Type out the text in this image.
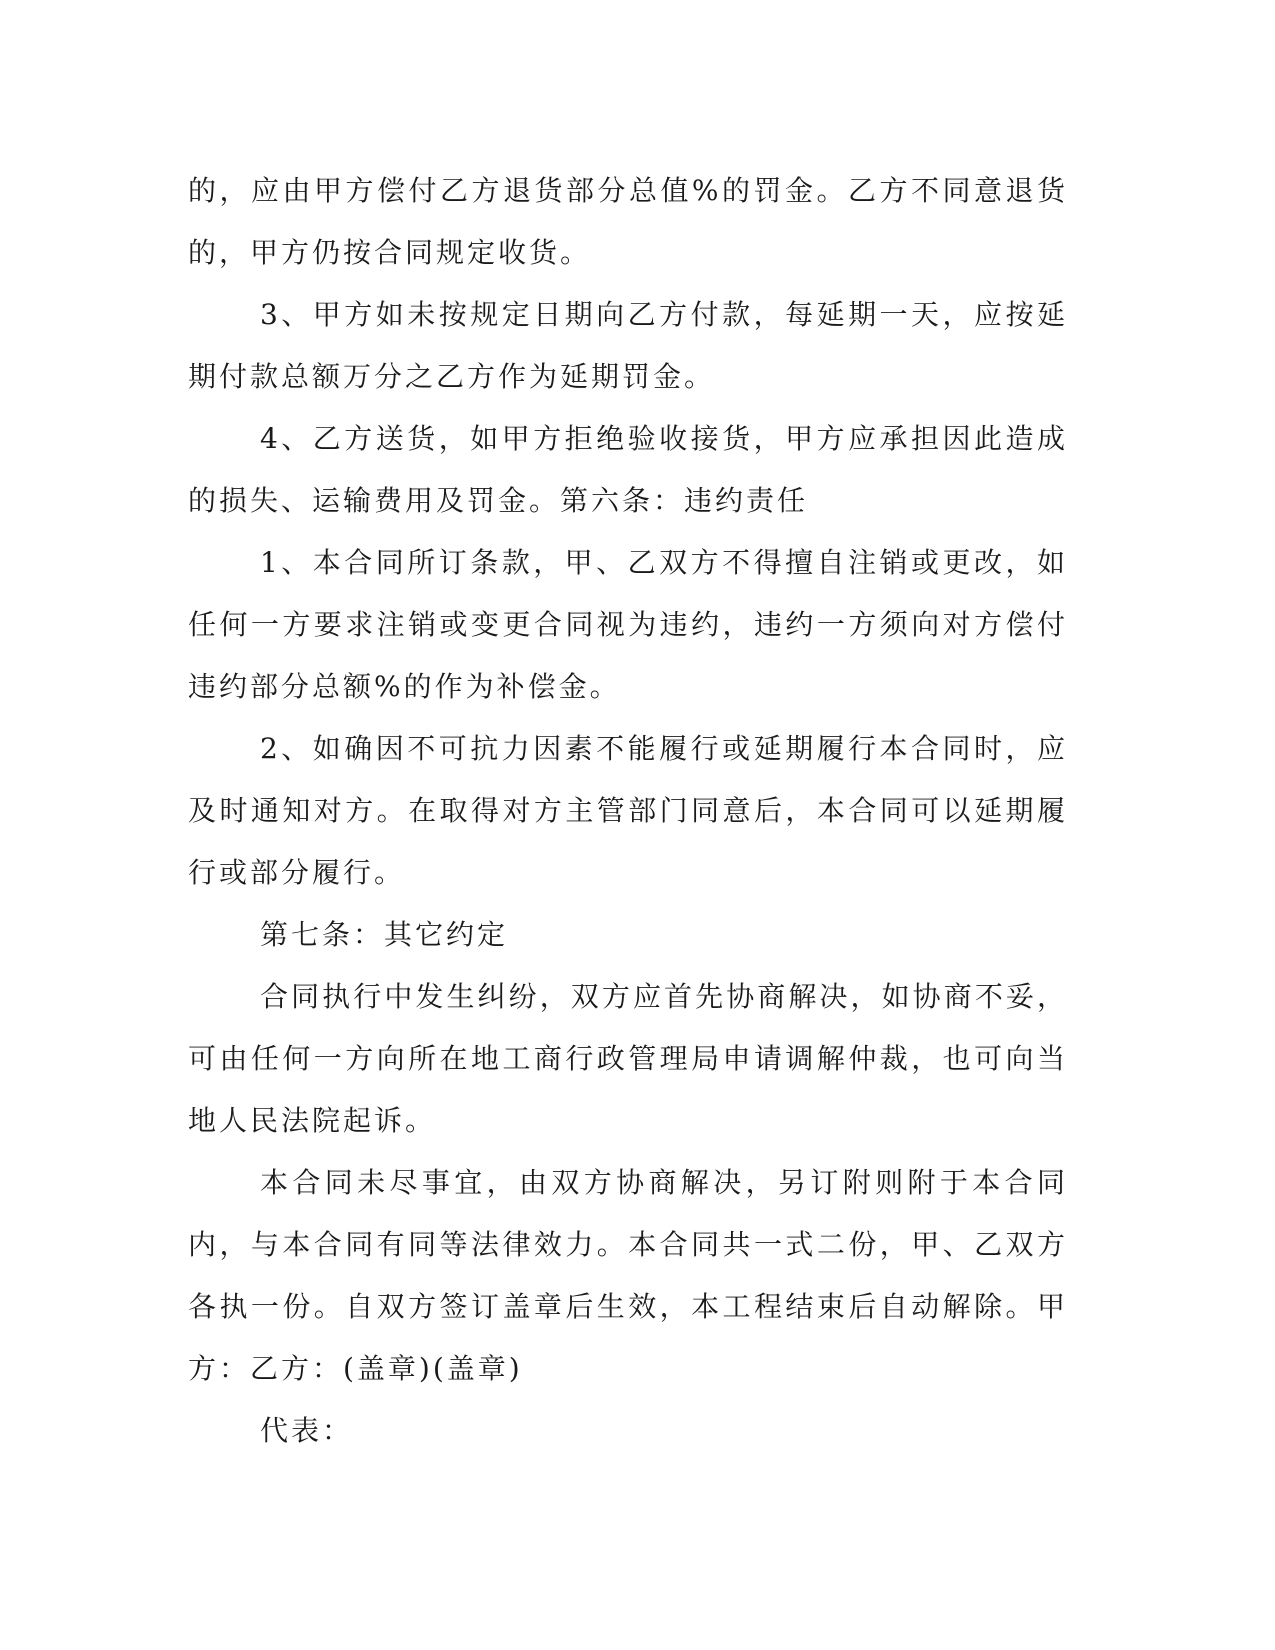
的，应由甲方偿付乙方退货部分总值%的罚金。乙方不同意退货的，甲方仍按合同规定收货。

3、甲方如未按规定日期向乙方付款，每延期一天，应按延期付款总额万分之乙方作为延期罚金。

4、乙方送货，如甲方拒绝验收接货，甲方应承担因此造成的损失、运输费用及罚金。第六条：违约责任

1、本合同所订条款，甲、乙双方不得擅自注销或更改，如任何一方要求注销或变更合同视为违约，违约一方须向对方偿付违约部分总额%的作为补偿金。

2、如确因不可抗力因素不能履行或延期履行本合同时，应及时通知对方。在取得对方主管部门同意后，本合同可以延期履行或部分履行。

第七条：其它约定

合同执行中发生纠纷，双方应首先协商解决，如协商不妥，可由任何一方向所在地工商行政管理局申请调解仲裁，也可向当地人民法院起诉。

本合同未尽事宜，由双方协商解决，另订附则附于本合同内，与本合同有同等法律效力。本合同共一式二份，甲、乙双方各执一份。自双方签订盖章后生效，本工程结束后自动解除。甲方：乙方：(盖章)(盖章)

代表：
